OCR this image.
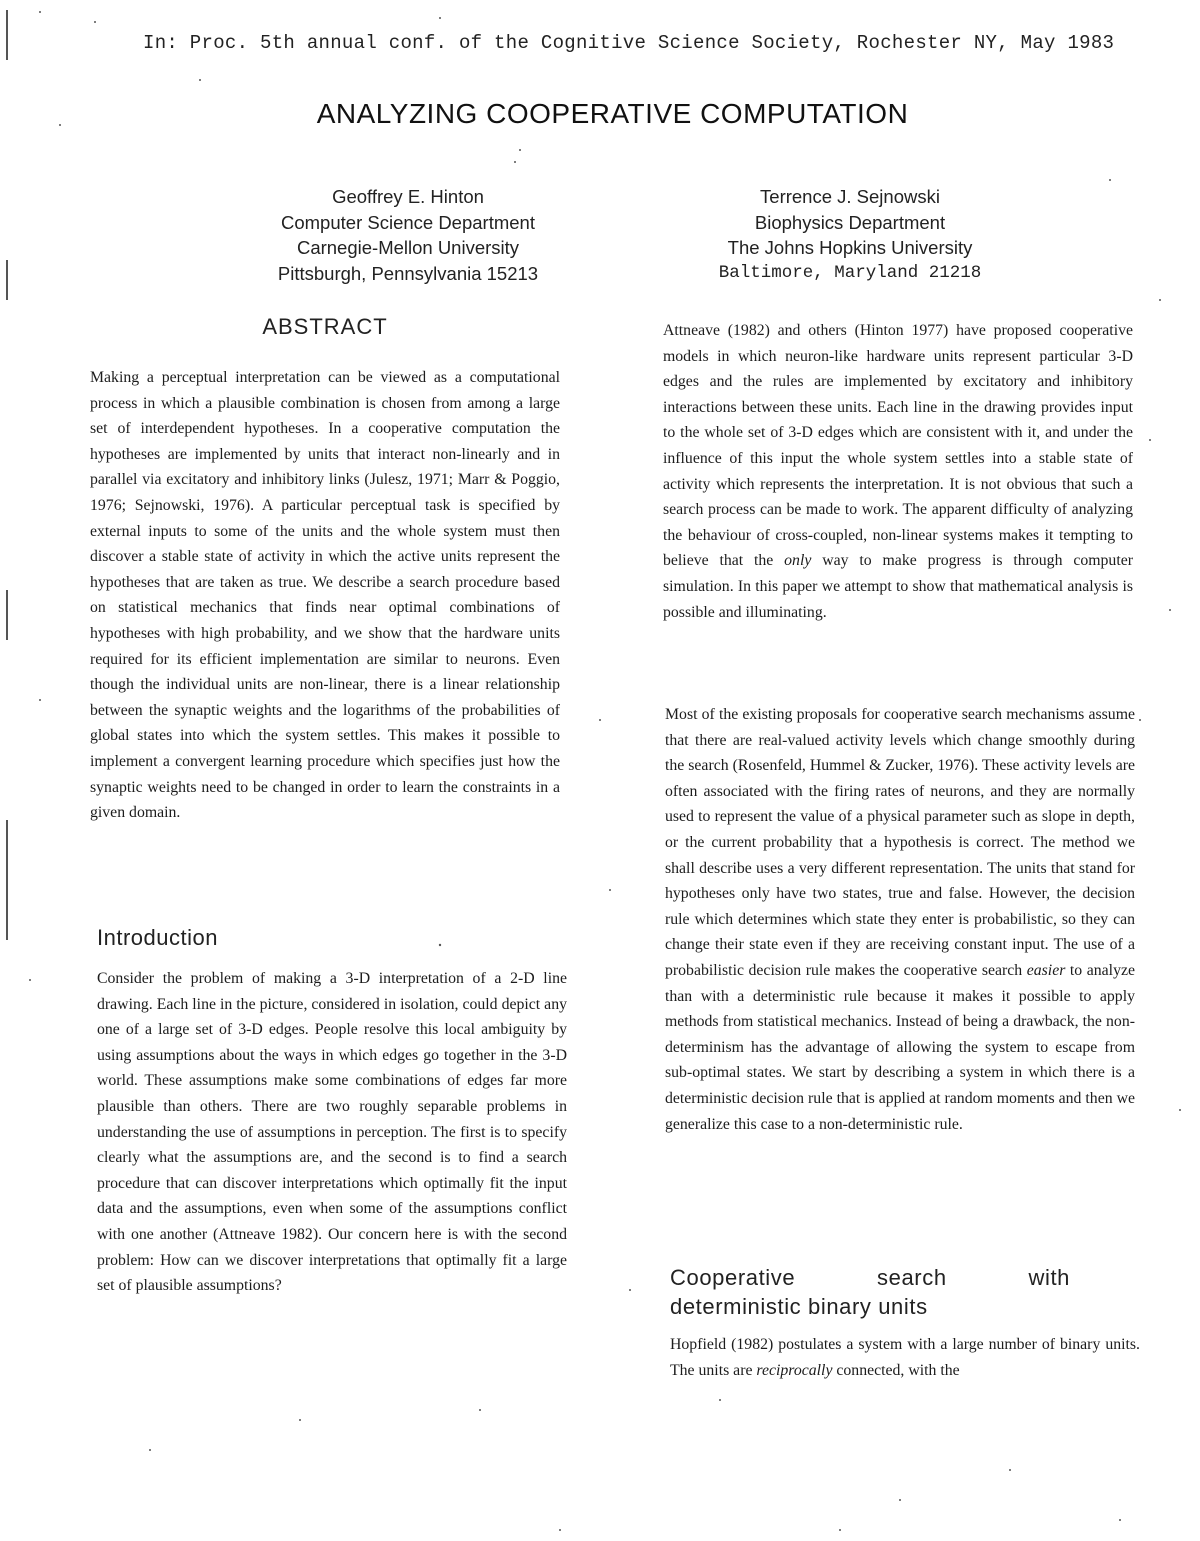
In: Proc. 5th annual conf. of the Cognitive Science Society, Rochester NY, May 1983
ANALYZING COOPERATIVE COMPUTATION
Geoffrey E. Hinton
Computer Science Department
Carnegie-Mellon University
Pittsburgh, Pennsylvania 15213
Terrence J. Sejnowski
Biophysics Department
The Johns Hopkins University
Baltimore, Maryland 21218
ABSTRACT

Making a perceptual interpretation can be viewed as a computational process in which a plausible combination is chosen from among a large set of interdependent hypotheses. In a cooperative computation the hypotheses are implemented by units that interact non-linearly and in parallel via excitatory and inhibitory links (Julesz, 1971; Marr & Poggio, 1976; Sejnowski, 1976). A particular perceptual task is specified by external inputs to some of the units and the whole system must then discover a stable state of activity in which the active units represent the hypotheses that are taken as true. We describe a search procedure based on statistical mechanics that finds near optimal combinations of hypotheses with high probability, and we show that the hardware units required for its efficient implementation are similar to neurons. Even though the individual units are non-linear, there is a linear relationship between the synaptic weights and the logarithms of the probabilities of global states into which the system settles. This makes it possible to implement a convergent learning procedure which specifies just how the synaptic weights need to be changed in order to learn the constraints in a given domain.

Introduction

Consider the problem of making a 3-D interpretation of a 2-D line drawing. Each line in the picture, considered in isolation, could depict any one of a large set of 3-D edges. People resolve this local ambiguity by using assumptions about the ways in which edges go together in the 3-D world. These assumptions make some combinations of edges far more plausible than others. There are two roughly separable problems in understanding the use of assumptions in perception. The first is to specify clearly what the assumptions are, and the second is to find a search procedure that can discover interpretations which optimally fit the input data and the assumptions, even when some of the assumptions conflict with one another (Attneave 1982). Our concern here is with the second problem: How can we discover interpretations that optimally fit a large set of plausible assumptions?

Attneave (1982) and others (Hinton 1977) have proposed cooperative models in which neuron-like hardware units represent particular 3-D edges and the rules are implemented by excitatory and inhibitory interactions between these units. Each line in the drawing provides input to the whole set of 3-D edges which are consistent with it, and under the influence of this input the whole system settles into a stable state of activity which represents the interpretation. It is not obvious that such a search process can be made to work. The apparent difficulty of analyzing the behaviour of cross-coupled, non-linear systems makes it tempting to believe that the only way to make progress is through computer simulation. In this paper we attempt to show that mathematical analysis is possible and illuminating.

Most of the existing proposals for cooperative search mechanisms assume that there are real-valued activity levels which change smoothly during the search (Rosenfeld, Hummel & Zucker, 1976). These activity levels are often associated with the firing rates of neurons, and they are normally used to represent the value of a physical parameter such as slope in depth, or the current probability that a hypothesis is correct. The method we shall describe uses a very different representation. The units that stand for hypotheses only have two states, true and false. However, the decision rule which determines which state they enter is probabilistic, so they can change their state even if they are receiving constant input. The use of a probabilistic decision rule makes the cooperative search easier to analyze than with a deterministic rule because it makes it possible to apply methods from statistical mechanics. Instead of being a drawback, the non-determinism has the advantage of allowing the system to escape from sub-optimal states. We start by describing a system in which there is a deterministic decision rule that is applied at random moments and then we generalize this case to a non-deterministic rule.

Cooperative	search	with
deterministic binary units

Hopfield (1982) postulates a system with a large number of binary units. The units are reciprocally connected, with the
